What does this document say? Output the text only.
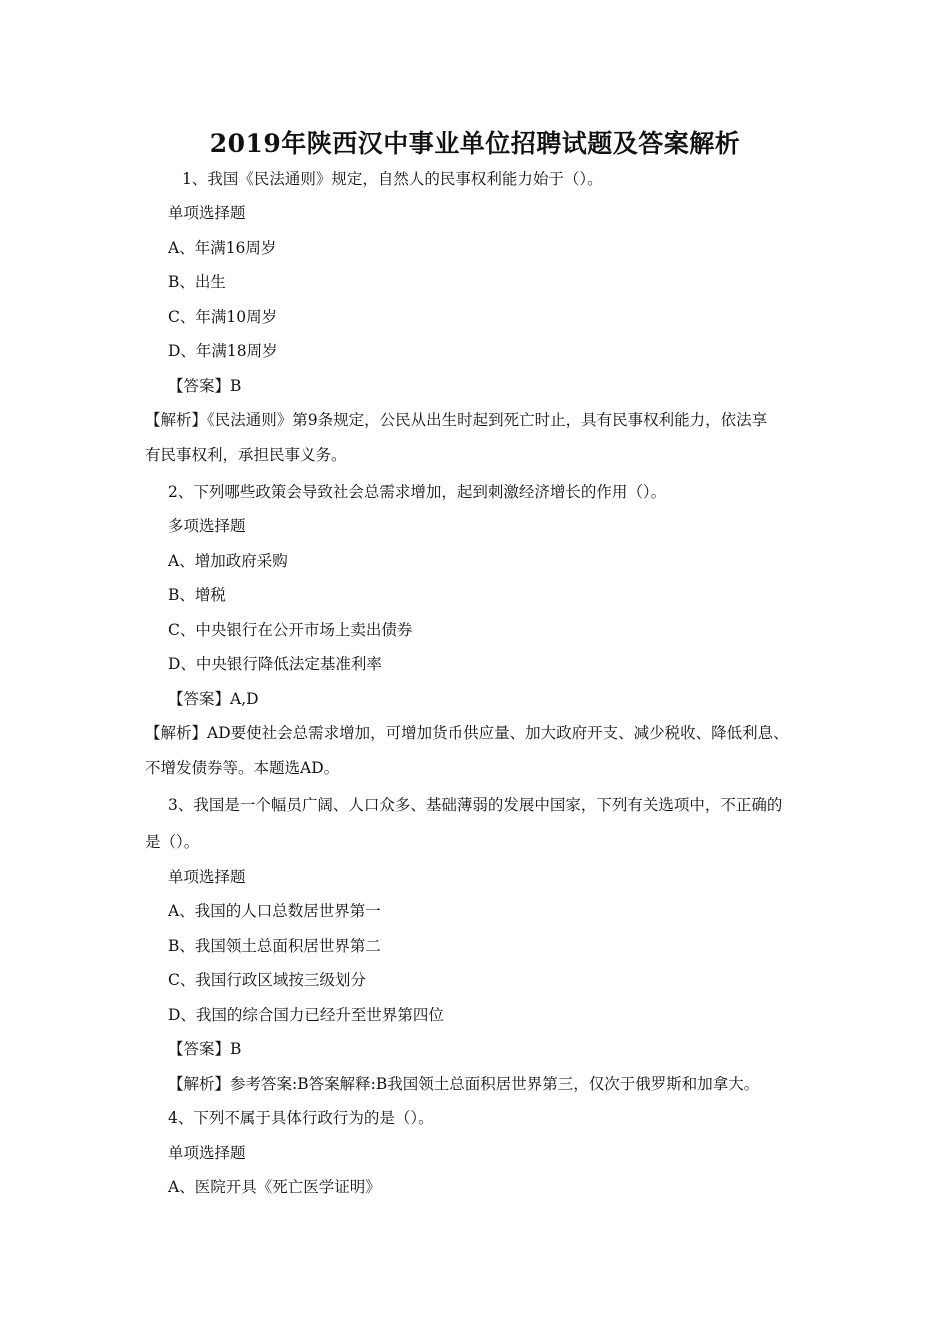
2019年陕西汉中事业单位招聘试题及答案解析
1、我国《民法通则》规定，自然人的民事权利能力始于（）。
单项选择题
A、年满16周岁
B、出生
C、年满10周岁
D、年满18周岁
【答案】B
【解析】《民法通则》第9条规定，公民从出生时起到死亡时止，具有民事权利能力，依法享
有民事权利，承担民事义务。
2、下列哪些政策会导致社会总需求增加，起到刺激经济增长的作用（）。
多项选择题
A、增加政府采购
B、增税
C、中央银行在公开市场上卖出债券
D、中央银行降低法定基准利率
【答案】A,D
【解析】AD要使社会总需求增加，可增加货币供应量、加大政府开支、减少税收、降低利息、
不增发债券等。本题选AD。
3、我国是一个幅员广阔、人口众多、基础薄弱的发展中国家，下列有关选项中，不正确的
是（）。
单项选择题
A、我国的人口总数居世界第一
B、我国领土总面积居世界第二
C、我国行政区域按三级划分
D、我国的综合国力已经升至世界第四位
【答案】B
【解析】参考答案:B答案解释:B我国领土总面积居世界第三，仅次于俄罗斯和加拿大。
4、下列不属于具体行政行为的是（）。
单项选择题
A、医院开具《死亡医学证明》
